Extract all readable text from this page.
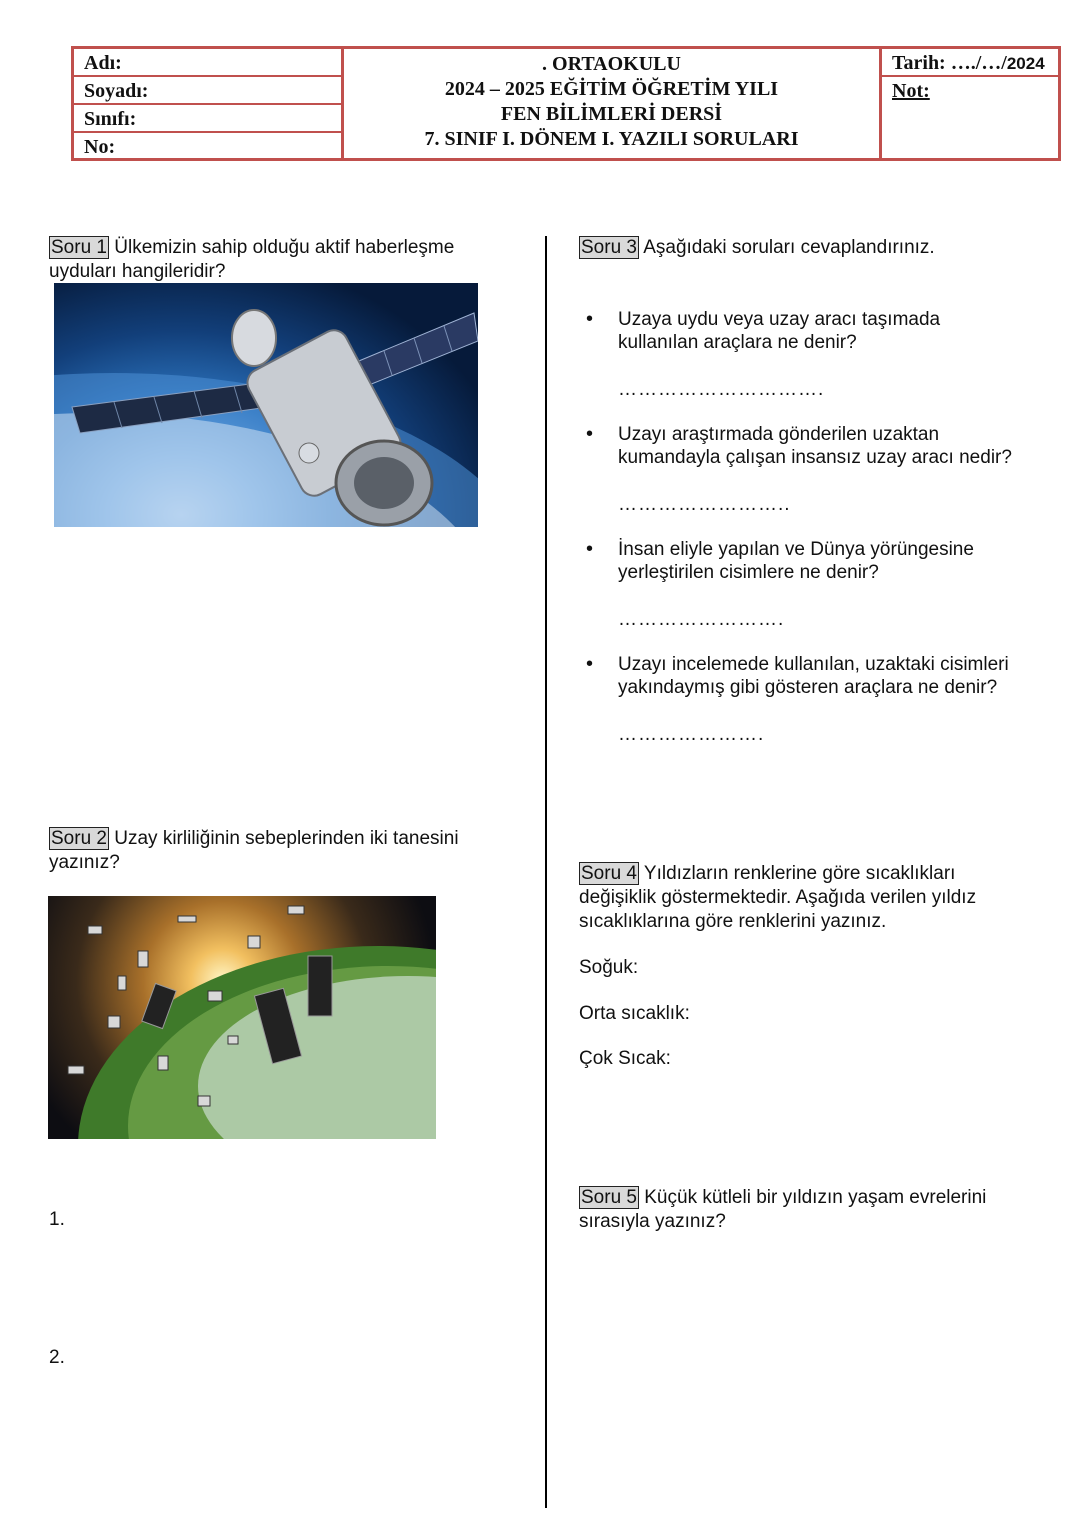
Adı:
Soyadı:
Sınıfı:
No:
. ORTAOKULU
2024 – 2025 EĞİTİM ÖĞRETİM YILI
FEN BİLİMLERİ DERSİ
7. SINIF I. DÖNEM I. YAZILI SORULARI
Tarih: …./…/2024
Not:
Soru 1 Ülkemizin sahip olduğu aktif haberleşme
uyduları hangileridir?
Soru 2 Uzay kirliliğinin sebeplerinden iki tanesini
yazınız?
1.
2.
Soru 3 Aşağıdaki soruları cevaplandırınız.
• Uzaya uydu veya uzay aracı taşımada
kullanılan araçlara ne denir?
………………………….
• Uzayı araştırmada gönderilen uzaktan
kumandayla çalışan insansız uzay aracı nedir?
……………………..
• İnsan eliyle yapılan ve Dünya yörüngesine
yerleştirilen cisimlere ne denir?
…………………….
• Uzayı incelemede kullanılan, uzaktaki cisimleri
yakındaymış gibi gösteren araçlara ne denir?
………………….
Soru 4 Yıldızların renklerine göre sıcaklıkları
değişiklik göstermektedir. Aşağıda verilen yıldız
sıcaklıklarına göre renklerini yazınız.
Soğuk:
Orta sıcaklık:
Çok Sıcak:
Soru 5 Küçük kütleli bir yıldızın yaşam evrelerini
sırasıyla yazınız?
